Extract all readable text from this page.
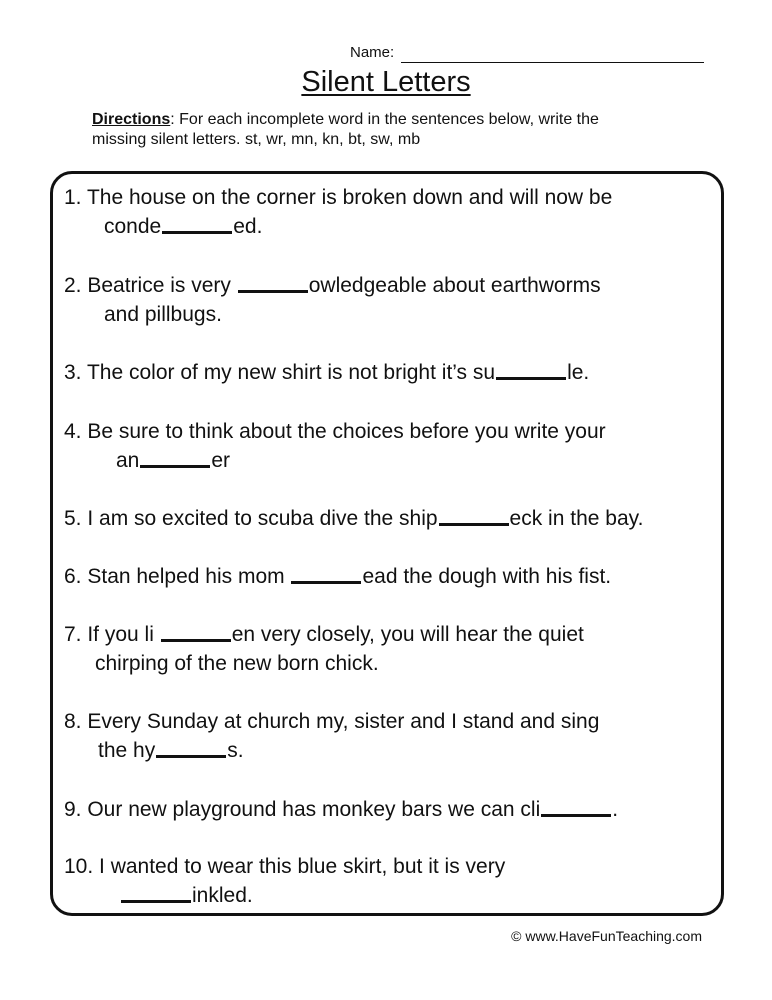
Name:
Silent Letters
Directions: For each incomplete word in the sentences below, write the
missing silent letters. st, wr, mn, kn, bt, sw, mb
1. The house on the corner is broken down and will now be
conde	ed.
2. Beatrice is very	owledgeable about earthworms
and pillbugs.
3. The color of my new shirt is not bright it’s su	le.
4. Be sure to think about the choices before you write your
an	er
5. I am so excited to scuba dive the ship	eck in the bay.
6. Stan helped his mom	ead the dough with his fist.
7. If you li	en very closely, you will hear the quiet
chirping of the new born chick.
8. Every Sunday at church my, sister and I stand and sing
the hy	s.
9. Our new playground has monkey bars we can cli	.
10. I wanted to wear this blue skirt, but it is very
inkled.
© www.HaveFunTeaching.com
